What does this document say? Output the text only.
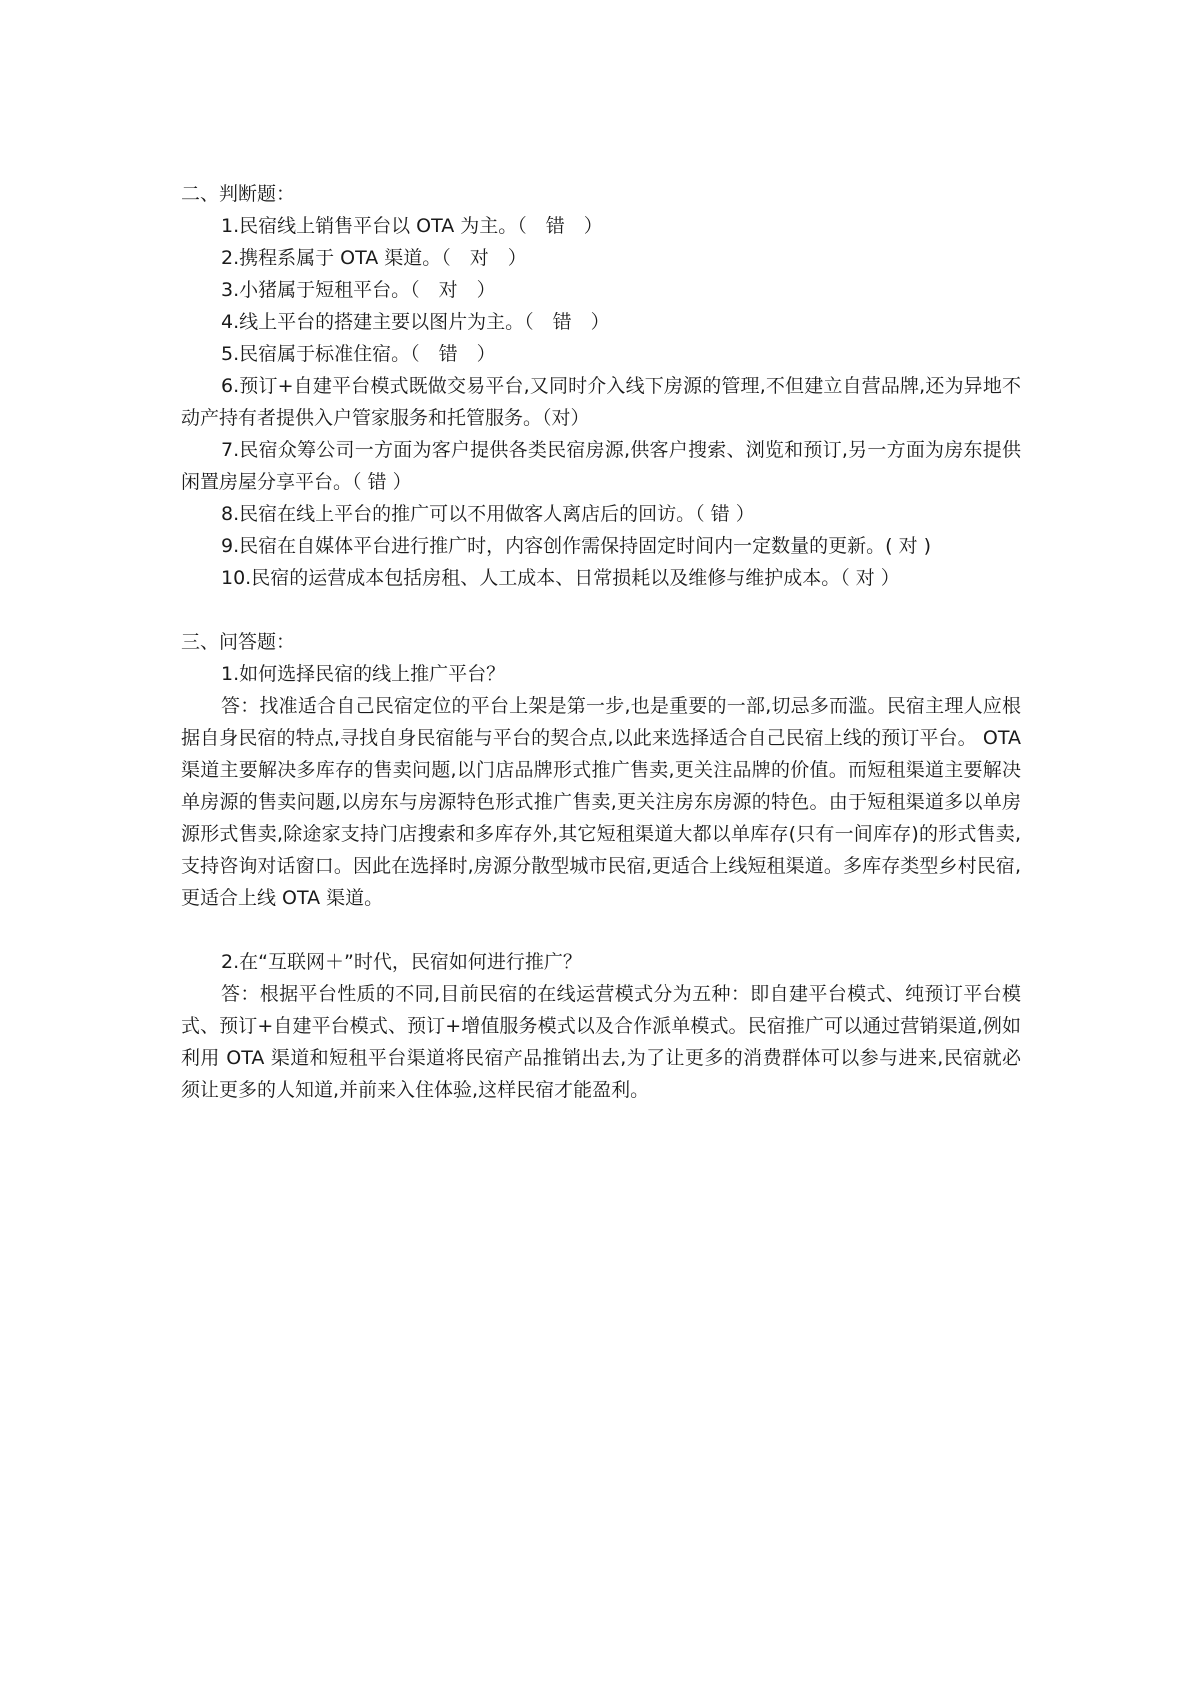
二、判断题：

1.民宿线上销售平台以 OTA 为主。（　错　）

2.携程系属于 OTA 渠道。（　对　）

3.小猪属于短租平台。（　对　）

4.线上平台的搭建主要以图片为主。（　错　）

5.民宿属于标准住宿。（　错　）

6.预订+自建平台模式既做交易平台,又同时介入线下房源的管理,不但建立自营品牌,还为异地不动产持有者提供入户管家服务和托管服务。（对）

7.民宿众筹公司一方面为客户提供各类民宿房源,供客户搜索、浏览和预订,另一方面为房东提供闲置房屋分享平台。（ 错 ）

8.民宿在线上平台的推广可以不用做客人离店后的回访。（ 错 ）

9.民宿在自媒体平台进行推广时，内容创作需保持固定时间内一定数量的更新。( 对 )

10.民宿的运营成本包括房租、人工成本、日常损耗以及维修与维护成本。（ 对 ）

三、问答题：

1.如何选择民宿的线上推广平台？

答：找准适合自己民宿定位的平台上架是第一步,也是重要的一部,切忌多而滥。民宿主理人应根据自身民宿的特点,寻找自身民宿能与平台的契合点,以此来选择适合自己民宿上线的预订平台。 OTA 渠道主要解决多库存的售卖问题,以门店品牌形式推广售卖,更关注品牌的价值。而短租渠道主要解决单房源的售卖问题,以房东与房源特色形式推广售卖,更关注房东房源的特色。由于短租渠道多以单房源形式售卖,除途家支持门店搜索和多库存外,其它短租渠道大都以单库存(只有一间库存)的形式售卖,支持咨询对话窗口。因此在选择时,房源分散型城市民宿,更适合上线短租渠道。多库存类型乡村民宿,更适合上线 OTA 渠道。

2.在“互联网＋”时代，民宿如何进行推广？

答：根据平台性质的不同,目前民宿的在线运营模式分为五种：即自建平台模式、纯预订平台模式、预订+自建平台模式、预订+增值服务模式以及合作派单模式。民宿推广可以通过营销渠道,例如利用 OTA 渠道和短租平台渠道将民宿产品推销出去,为了让更多的消费群体可以参与进来,民宿就必须让更多的人知道,并前来入住体验,这样民宿才能盈利。
